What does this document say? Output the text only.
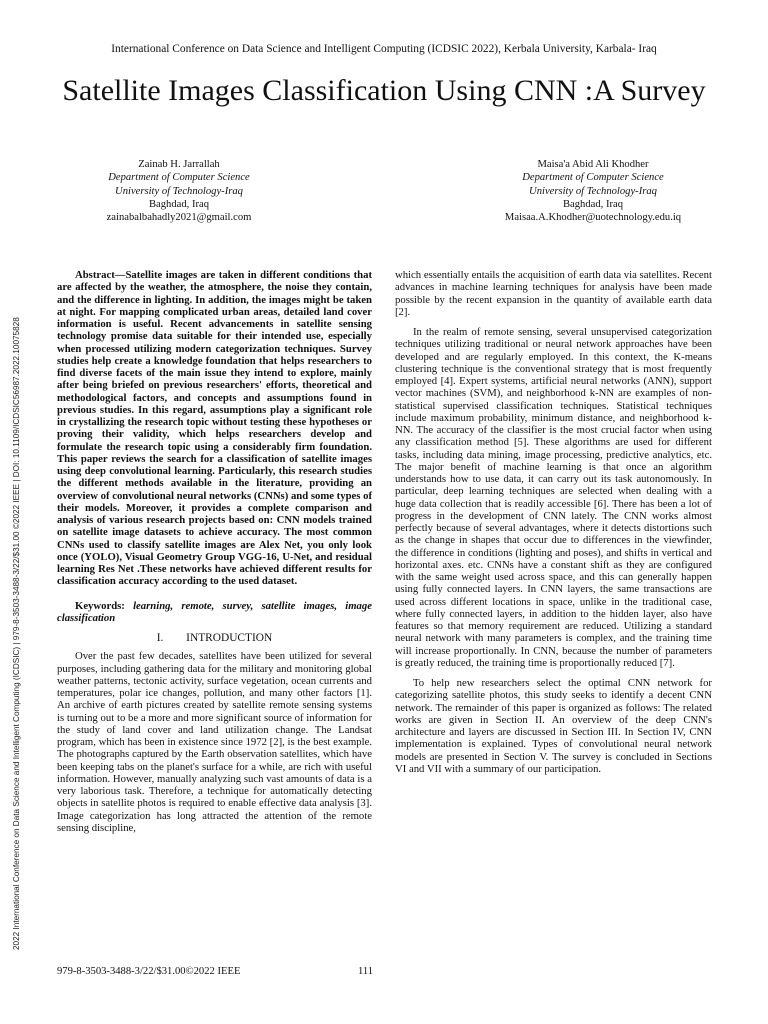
International Conference on Data Science and Intelligent Computing (ICDSIC 2022), Kerbala University, Karbala- Iraq
Satellite Images Classification Using CNN :A Survey
Zainab H. Jarrallah
Department of Computer Science
University of Technology-Iraq
Baghdad, Iraq
zainabalbahadly2021@gmail.com
Maisa'a Abid Ali Khodher
Department of Computer Science
University of Technology-Iraq
Baghdad, Iraq
Maisaa.A.Khodher@uotechnology.edu.iq
2022 International Conference on Data Science and Intelligent Computing (ICDSIC) | 979-8-3503-3488-3/22/$31.00 ©2022 IEEE | DOI: 10.1109/ICDSIC56987.2022.10075828

Abstract—Satellite images are taken in different conditions that are affected by the weather, the atmosphere, the noise they contain, and the difference in lighting. In addition, the images might be taken at night. For mapping complicated urban areas, detailed land cover information is useful. Recent advancements in satellite sensing technology promise data suitable for their intended use, especially when processed utilizing modern categorization techniques. Survey studies help create a knowledge foundation that helps researchers to find diverse facets of the main issue they intend to explore, mainly after being briefed on previous researchers' efforts, theoretical and methodological factors, and concepts and assumptions found in previous studies. In this regard, assumptions play a significant role in crystallizing the research topic without testing these hypotheses or proving their validity, which helps researchers develop and formulate the research topic using a considerably firm foundation. This paper reviews the search for a classification of satellite images using deep convolutional learning. Particularly, this research studies the different methods available in the literature, providing an overview of convolutional neural networks (CNNs) and some types of their models. Moreover, it provides a complete comparison and analysis of various research projects based on: CNN models trained on satellite image datasets to achieve accuracy. The most common CNNs used to classify satellite images are Alex Net, you only look once (YOLO), Visual Geometry Group VGG-16, U-Net, and residual learning Res Net .These networks have achieved different results for classification accuracy according to the used dataset.

Keywords: learning, remote, survey, satellite images, image classification

I.  INTRODUCTION

Over the past few decades, satellites have been utilized for several purposes, including gathering data for the military and monitoring global weather patterns, tectonic activity, surface vegetation, ocean currents and temperatures, polar ice changes, pollution, and many other factors [1]. An archive of earth pictures created by satellite remote sensing systems is turning out to be a more and more significant source of information for the study of land cover and land utilization change. The Landsat program, which has been in existence since 1972 [2], is the best example. The photographs captured by the Earth observation satellites, which have been keeping tabs on the planet's surface for a while, are rich with useful information. However, manually analyzing such vast amounts of data is a very laborious task. Therefore, a technique for automatically detecting objects in satellite photos is required to enable effective data analysis [3]. Image categorization has long attracted the attention of the remote sensing discipline,

which essentially entails the acquisition of earth data via satellites. Recent advances in machine learning techniques for analysis have been made possible by the recent expansion in the quantity of available earth data [2].

In the realm of remote sensing, several unsupervised categorization techniques utilizing traditional or neural network approaches have been developed and are regularly employed. In this context, the K-means clustering technique is the conventional strategy that is most frequently employed [4]. Expert systems, artificial neural networks (ANN), support vector machines (SVM), and neighborhood k-NN are examples of non-statistical supervised classification techniques. Statistical techniques include maximum probability, minimum distance, and neighborhood k-NN. The accuracy of the classifier is the most crucial factor when using any classification method [5]. These algorithms are used for different tasks, including data mining, image processing, predictive analytics, etc. The major benefit of machine learning is that once an algorithm understands how to use data, it can carry out its task autonomously. In particular, deep learning techniques are selected when dealing with a huge data collection that is readily accessible [6]. There has been a lot of progress in the development of CNN lately. The CNN works almost perfectly because of several advantages, where it detects distortions such as the change in shapes that occur due to differences in the viewfinder, the difference in conditions (lighting and poses), and shifts in vertical and horizontal axes. etc. CNNs have a constant shift as they are configured with the same weight used across space, and this can generally happen using fully connected layers. In CNN layers, the same transactions are used across different locations in space, unlike in the traditional case, where fully connected layers, in addition to the hidden layer, also have features so that memory requirement are reduced. Utilizing a standard neural network with many parameters is complex, and the training time will increase proportionally. In CNN, because the number of parameters is greatly reduced, the training time is proportionally reduced [7].

To help new researchers select the optimal CNN network for categorizing satellite photos, this study seeks to identify a decent CNN network. The remainder of this paper is organized as follows: The related works are given in Section II. An overview of the deep CNN's architecture and layers are discussed in Section III. In Section IV, CNN implementation is explained. Types of convolutional neural network models are presented in Section V. The survey is concluded in Sections VI and VII with a summary of our participation.

979-8-3503-3488-3/22/$31.00©2022 IEEE	111
